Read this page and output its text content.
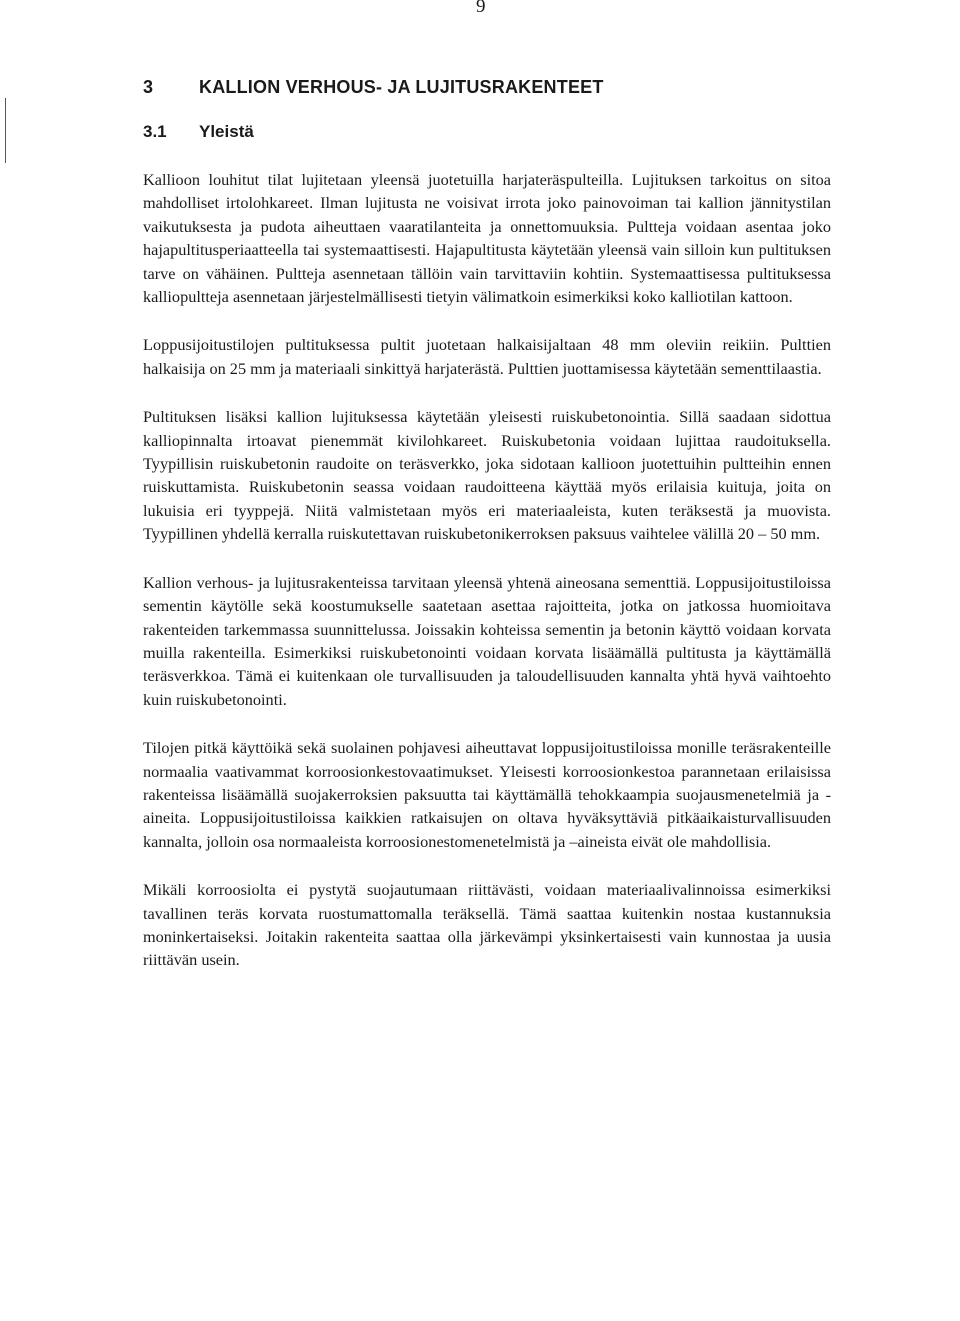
9
3	KALLION VERHOUS- JA LUJITUSRAKENTEET
3.1 Yleistä

Kallioon louhitut tilat lujitetaan yleensä juotetuilla harjateräspulteilla. Lujituksen tarkoitus on sitoa mahdolliset irtolohkareet. Ilman lujitusta ne voisivat irrota joko painovoiman tai kallion jännitystilan vaikutuksesta ja pudota aiheuttaen vaaratilanteita ja onnettomuuksia. Pultteja voidaan asentaa joko hajapultitusperiaatteella tai systemaattisesti. Hajapultitusta käytetään yleensä vain silloin kun pultituksen tarve on vähäinen. Pultteja asennetaan tällöin vain tarvittaviin kohtiin. Systemaattisessa pultituksessa kalliopultteja asennetaan järjestelmällisesti tietyin välimatkoin esimerkiksi koko kalliotilan kattoon.

Loppusijoitustilojen pultituksessa pultit juotetaan halkaisijaltaan 48 mm oleviin reikiin. Pulttien halkaisija on 25 mm ja materiaali sinkittyä harjaterästä. Pulttien juottamisessa käytetään sementtilaastia.

Pultituksen lisäksi kallion lujituksessa käytetään yleisesti ruiskubetonointia. Sillä saadaan sidottua kalliopinnalta irtoavat pienemmät kivilohkareet. Ruiskubetonia voidaan lujittaa raudoituksella. Tyypillisin ruiskubetonin raudoite on teräsverkko, joka sidotaan kallioon juotettuihin pultteihin ennen ruiskuttamista. Ruiskubetonin seassa voidaan raudoitteena käyttää myös erilaisia kuituja, joita on lukuisia eri tyyppejä. Niitä valmistetaan myös eri materiaaleista, kuten teräksestä ja muovista. Tyypillinen yhdellä kerralla ruiskutettavan ruiskubetonikerroksen paksuus vaihtelee välillä 20 – 50 mm.

Kallion verhous- ja lujitusrakenteissa tarvitaan yleensä yhtenä aineosana sementtiä. Loppusijoitustiloissa sementin käytölle sekä koostumukselle saatetaan asettaa rajoitteita, jotka on jatkossa huomioitava rakenteiden tarkemmassa suunnittelussa. Joissakin kohteissa sementin ja betonin käyttö voidaan korvata muilla rakenteilla. Esimerkiksi ruiskubetonointi voidaan korvata lisäämällä pultitusta ja käyttämällä teräsverkkoa. Tämä ei kuitenkaan ole turvallisuuden ja taloudellisuuden kannalta yhtä hyvä vaihtoehto kuin ruiskubetonointi.

Tilojen pitkä käyttöikä sekä suolainen pohjavesi aiheuttavat loppusijoitustiloissa monille teräsrakenteille normaalia vaativammat korroosionkestovaatimukset. Yleisesti korroosionkestoa parannetaan erilaisissa rakenteissa lisäämällä suojakerroksien paksuutta tai käyttämällä tehokkaampia suojausmenetelmiä ja -aineita. Loppusijoitustiloissa kaikkien ratkaisujen on oltava hyväksyttäviä pitkäaikaisturvallisuuden kannalta, jolloin osa normaaleista korroosionestomenetelmistä ja –aineista eivät ole mahdollisia.

Mikäli korroosiolta ei pystytä suojautumaan riittävästi, voidaan materiaalivalinnoissa esimerkiksi tavallinen teräs korvata ruostumattomalla teräksellä. Tämä saattaa kuitenkin nostaa kustannuksia moninkertaiseksi. Joitakin rakenteita saattaa olla järkevämpi yksinkertaisesti vain kunnostaa ja uusia riittävän usein.
